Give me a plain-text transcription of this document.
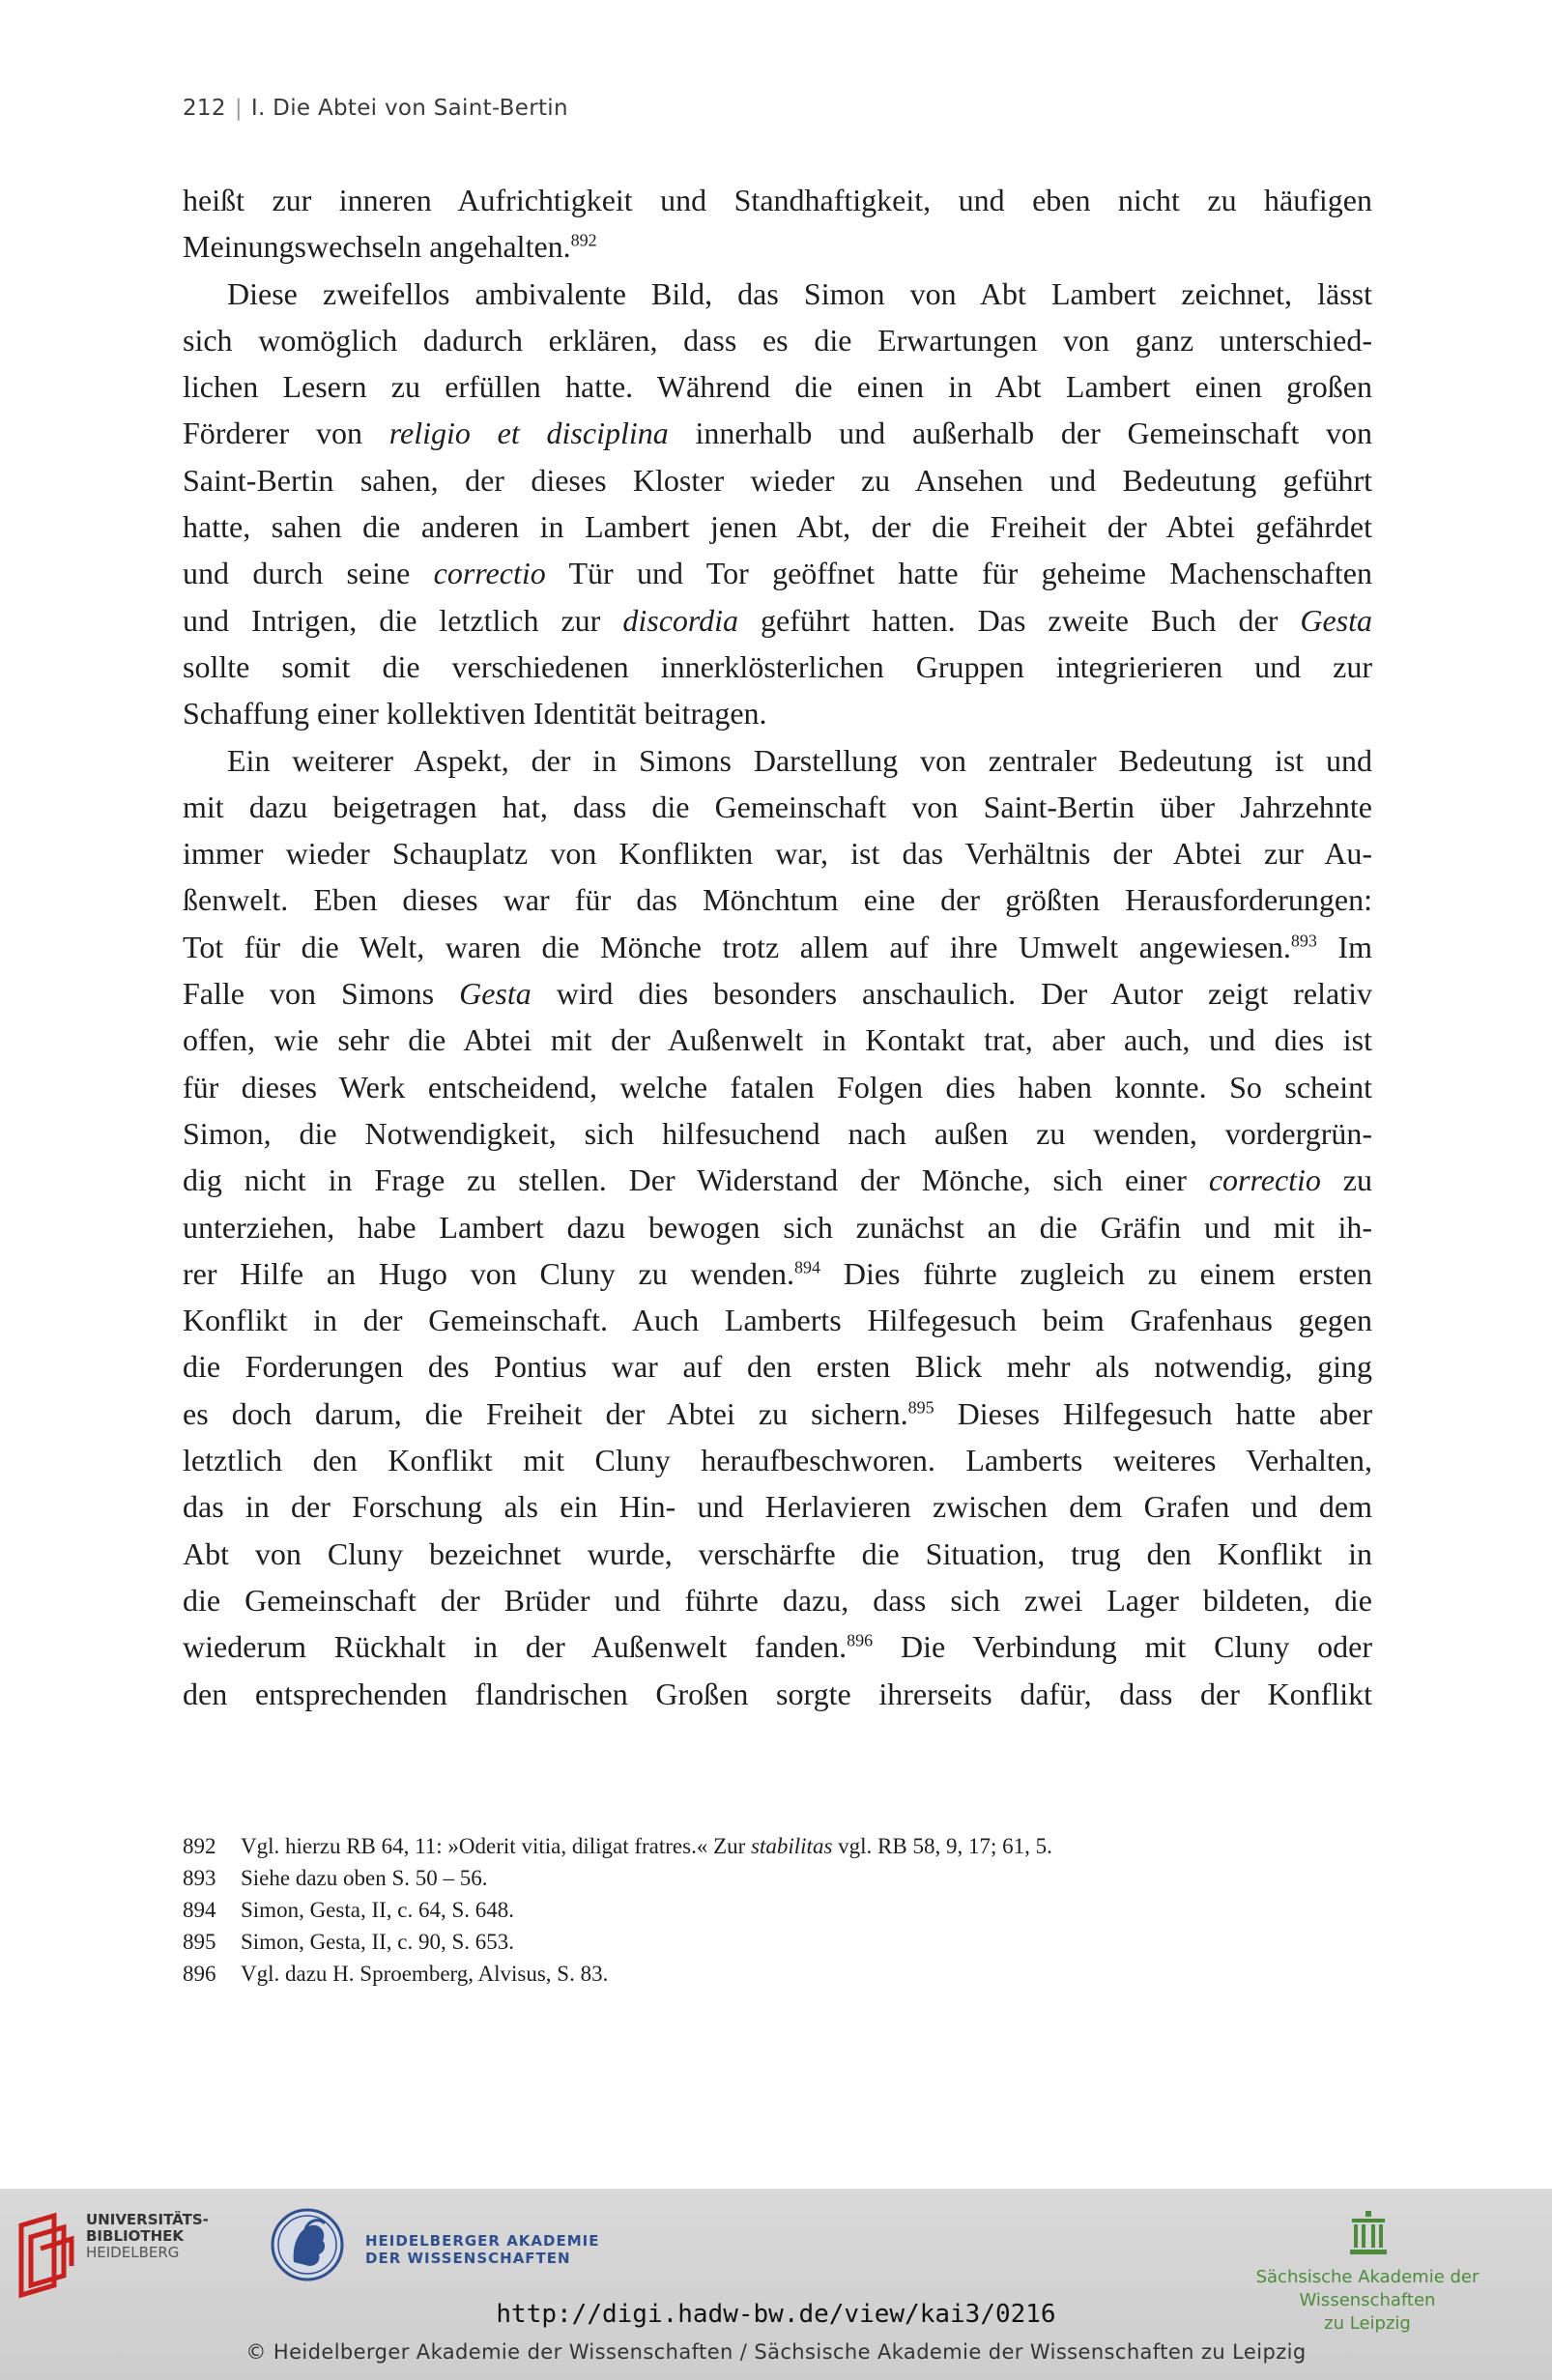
212 | I. Die Abtei von Saint-Bertin
heißt zur inneren Aufrichtigkeit und Standhaftigkeit, und eben nicht zu häufigen
Meinungswechseln angehalten.$^{892}$
Diese zweifellos ambivalente Bild, das Simon von Abt Lambert zeichnet, lässt
sich womöglich dadurch erklären, dass es die Erwartungen von ganz unterschied-
lichen Lesern zu erfüllen hatte. Während die einen in Abt Lambert einen großen
Förderer von religio et disciplina innerhalb und außerhalb der Gemeinschaft von
Saint-Bertin sahen, der dieses Kloster wieder zu Ansehen und Bedeutung geführt
hatte, sahen die anderen in Lambert jenen Abt, der die Freiheit der Abtei gefährdet
und durch seine correctio Tür und Tor geöffnet hatte für geheime Machenschaften
und Intrigen, die letztlich zur discordia geführt hatten. Das zweite Buch der Gesta
sollte somit die verschiedenen innerklösterlichen Gruppen integrierieren und zur
Schaffung einer kollektiven Identität beitragen.
Ein weiterer Aspekt, der in Simons Darstellung von zentraler Bedeutung ist und
mit dazu beigetragen hat, dass die Gemeinschaft von Saint-Bertin über Jahrzehnte
immer wieder Schauplatz von Konflikten war, ist das Verhältnis der Abtei zur Au-
ßenwelt. Eben dieses war für das Mönchtum eine der größten Herausforderungen:
Tot für die Welt, waren die Mönche trotz allem auf ihre Umwelt angewiesen.$^{893}$ Im
Falle von Simons Gesta wird dies besonders anschaulich. Der Autor zeigt relativ
offen, wie sehr die Abtei mit der Außenwelt in Kontakt trat, aber auch, und dies ist
für dieses Werk entscheidend, welche fatalen Folgen dies haben konnte. So scheint
Simon, die Notwendigkeit, sich hilfesuchend nach außen zu wenden, vordergrün-
dig nicht in Frage zu stellen. Der Widerstand der Mönche, sich einer correctio zu
unterziehen, habe Lambert dazu bewogen sich zunächst an die Gräfin und mit ih-
rer Hilfe an Hugo von Cluny zu wenden.$^{894}$ Dies führte zugleich zu einem ersten
Konflikt in der Gemeinschaft. Auch Lamberts Hilfegesuch beim Grafenhaus gegen
die Forderungen des Pontius war auf den ersten Blick mehr als notwendig, ging
es doch darum, die Freiheit der Abtei zu sichern.$^{895}$ Dieses Hilfegesuch hatte aber
letztlich den Konflikt mit Cluny heraufbeschworen. Lamberts weiteres Verhalten,
das in der Forschung als ein Hin- und Herlavieren zwischen dem Grafen und dem
Abt von Cluny bezeichnet wurde, verschärfte die Situation, trug den Konflikt in
die Gemeinschaft der Brüder und führte dazu, dass sich zwei Lager bildeten, die
wiederum Rückhalt in der Außenwelt fanden.$^{896}$ Die Verbindung mit Cluny oder
den entsprechenden flandrischen Großen sorgte ihrerseits dafür, dass der Konflikt
892 Vgl. hierzu RB 64, 11: »Oderit vitia, diligat fratres.« Zur stabilitas vgl. RB 58, 9, 17; 61, 5.
893 Siehe dazu oben S. 50 – 56.
894 Simon, Gesta, II, c. 64, S. 648.
895 Simon, Gesta, II, c. 90, S. 653.
896 Vgl. dazu H. Sproemberg, Alvisus, S. 83.
UNIVERSITÄTS-
BIBLIOTHEK
HEIDELBERG
HEIDELBERGER AKADEMIE
DER WISSENSCHAFTEN
Sächsische Akademie der Wissenschaften
zu Leipzig
http://digi.hadw-bw.de/view/kai3/0216
© Heidelberger Akademie der Wissenschaften / Sächsische Akademie der Wissenschaften zu Leipzig
